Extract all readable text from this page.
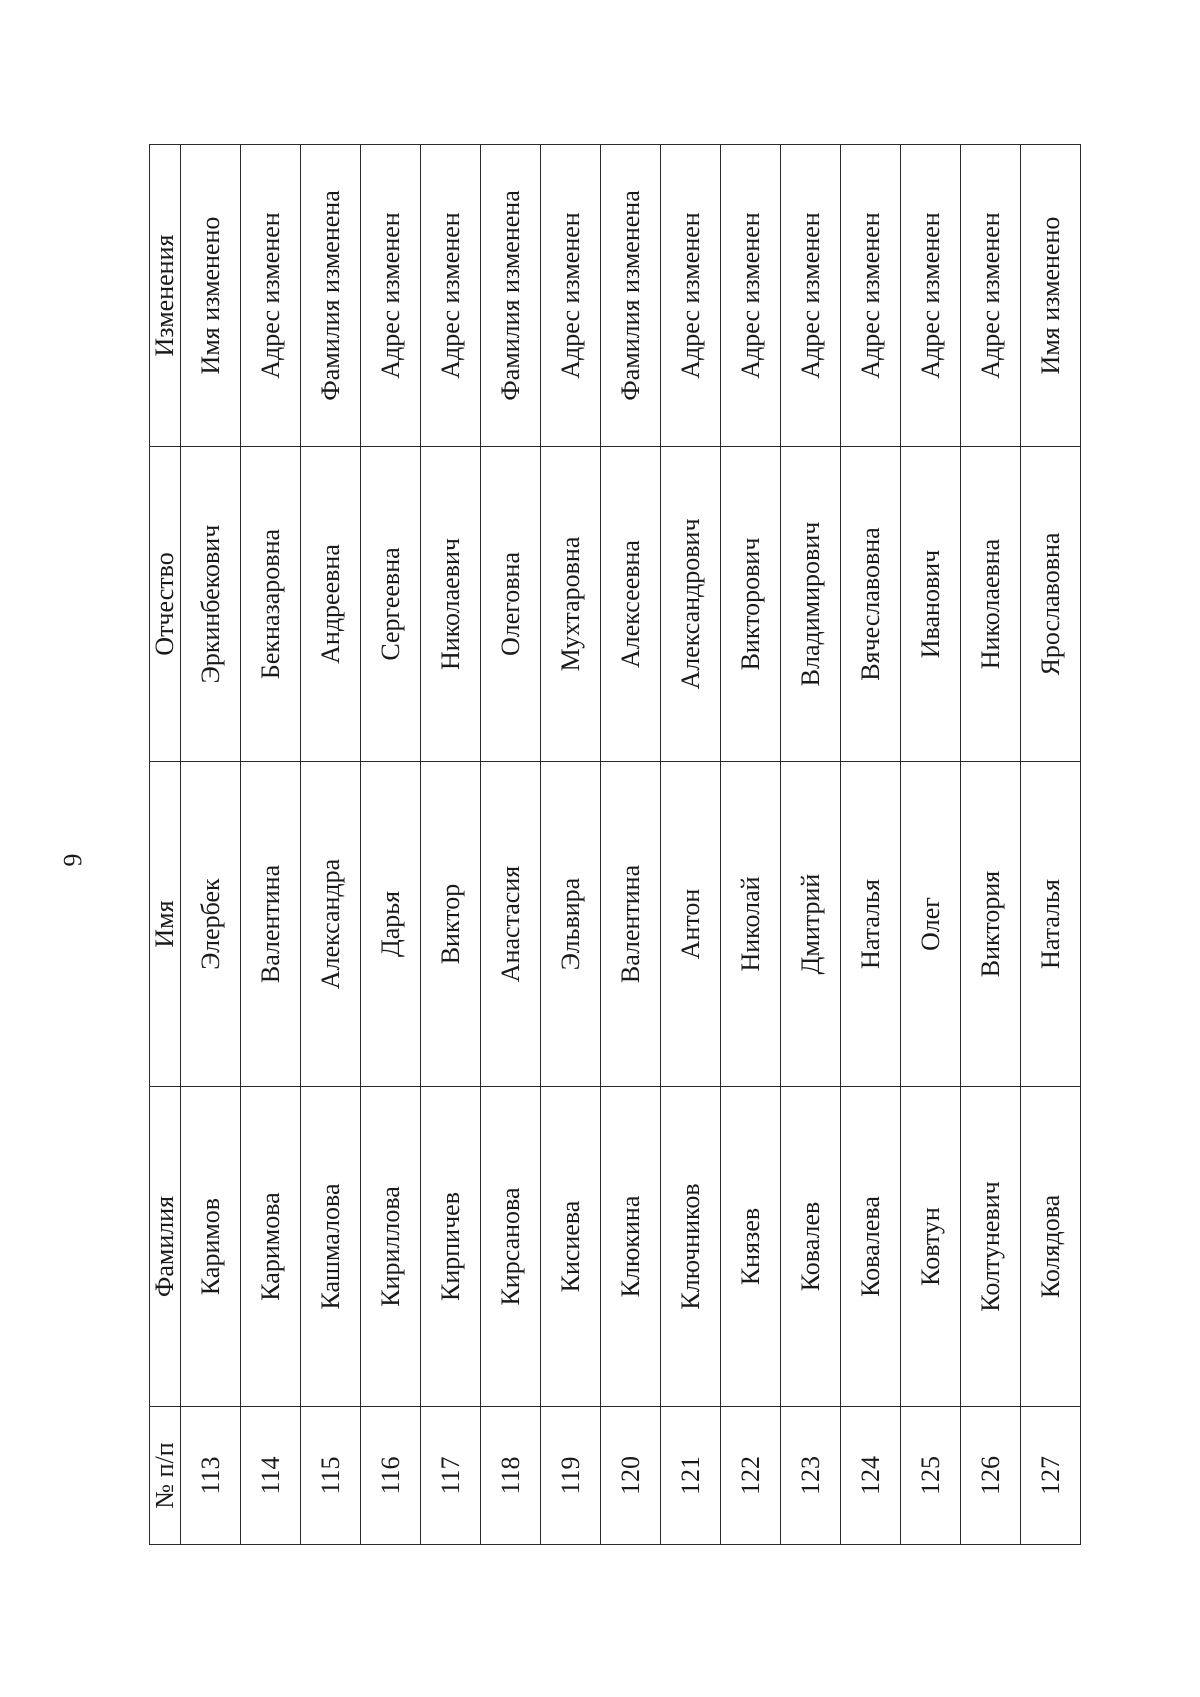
6
№ п/п	Фамилия	Имя	Отчество	Изменения
113	Каримов	Элербек	Эркинбекович	Имя изменено
114	Каримова	Валентина	Бекназаровна	Адрес изменен
115	Кашмалова	Александра	Андреевна	Фамилия изменена
116	Кириллова	Дарья	Сергеевна	Адрес изменен
117	Кирпичев	Виктор	Николаевич	Адрес изменен
118	Кирсанова	Анастасия	Олеговна	Фамилия изменена
119	Кисиева	Эльвира	Мухтаровна	Адрес изменен
120	Клюкина	Валентина	Алексеевна	Фамилия изменена
121	Ключников	Антон	Александрович	Адрес изменен
122	Князев	Николай	Викторович	Адрес изменен
123	Ковалев	Дмитрий	Владимирович	Адрес изменен
124	Ковалева	Наталья	Вячеславовна	Адрес изменен
125	Ковтун	Олег	Иванович	Адрес изменен
126	Колтуневич	Виктория	Николаевна	Адрес изменен
127	Колядова	Наталья	Ярославовна	Имя изменено
